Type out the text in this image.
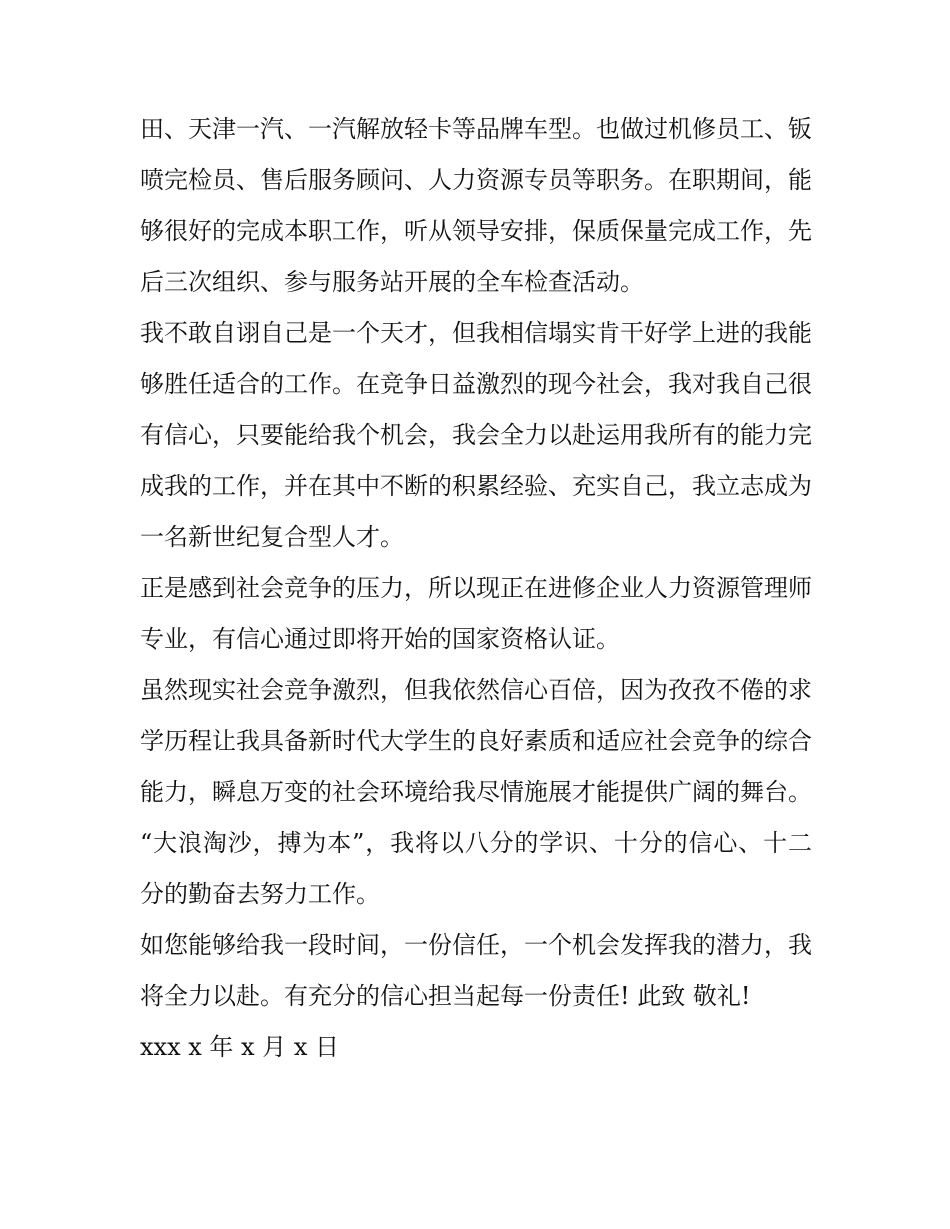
田、天津一汽、一汽解放轻卡等品牌车型。也做过机修员工、钣喷完检员、售后服务顾问、人力资源专员等职务。在职期间，能够很好的完成本职工作，听从领导安排，保质保量完成工作，先后三次组织、参与服务站开展的全车检查活动。

我不敢自诩自己是一个天才，但我相信塌实肯干好学上进的我能够胜任适合的工作。在竞争日益激烈的现今社会，我对我自己很有信心，只要能给我个机会，我会全力以赴运用我所有的能力完成我的工作，并在其中不断的积累经验、充实自己，我立志成为一名新世纪复合型人才。

正是感到社会竞争的压力，所以现正在进修企业人力资源管理师专业，有信心通过即将开始的国家资格认证。

虽然现实社会竞争激烈，但我依然信心百倍，因为孜孜不倦的求学历程让我具备新时代大学生的良好素质和适应社会竞争的综合能力，瞬息万变的社会环境给我尽情施展才能提供广阔的舞台。

“大浪淘沙，搏为本”，我将以八分的学识、十分的信心、十二分的勤奋去努力工作。

如您能够给我一段时间，一份信任，一个机会发挥我的潜力，我将全力以赴。有充分的信心担当起每一份责任! 此致 敬礼!

xxx x 年 x 月 x 日
